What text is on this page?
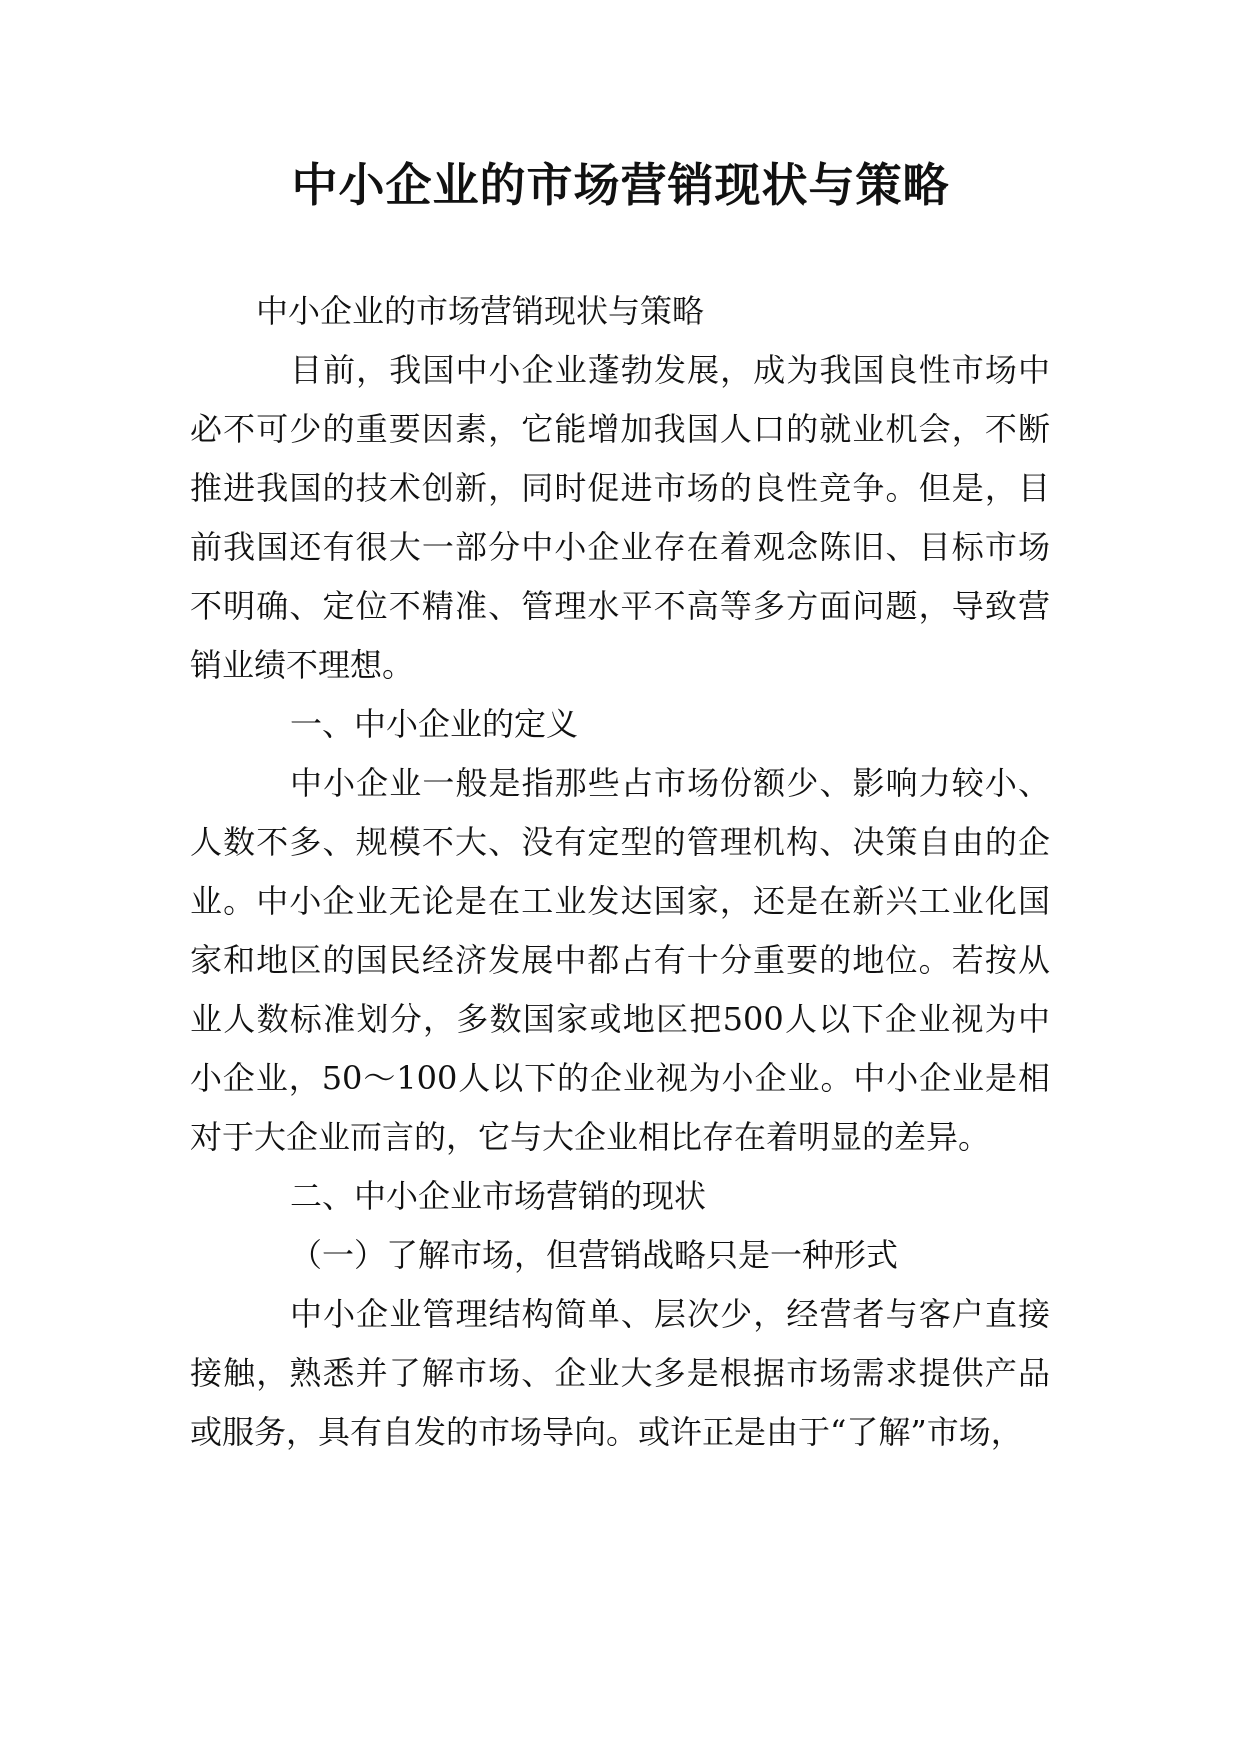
中小企业的市场营销现状与策略

中小企业的市场营销现状与策略

目前，我国中小企业蓬勃发展，成为我国良性市场中必不可少的重要因素，它能增加我国人口的就业机会，不断推进我国的技术创新，同时促进市场的良性竞争。但是，目前我国还有很大一部分中小企业存在着观念陈旧、目标市场不明确、定位不精准、管理水平不高等多方面问题，导致营销业绩不理想。

一、中小企业的定义

中小企业一般是指那些占市场份额少、影响力较小、人数不多、规模不大、没有定型的管理机构、决策自由的企业。中小企业无论是在工业发达国家，还是在新兴工业化国家和地区的国民经济发展中都占有十分重要的地位。若按从业人数标准划分，多数国家或地区把500人以下企业视为中小企业，50～100人以下的企业视为小企业。中小企业是相对于大企业而言的，它与大企业相比存在着明显的差异。

二、中小企业市场营销的现状

（一）了解市场，但营销战略只是一种形式

中小企业管理结构简单、层次少，经营者与客户直接接触，熟悉并了解市场、企业大多是根据市场需求提供产品或服务，具有自发的市场导向。或许正是由于“了解”市场，
